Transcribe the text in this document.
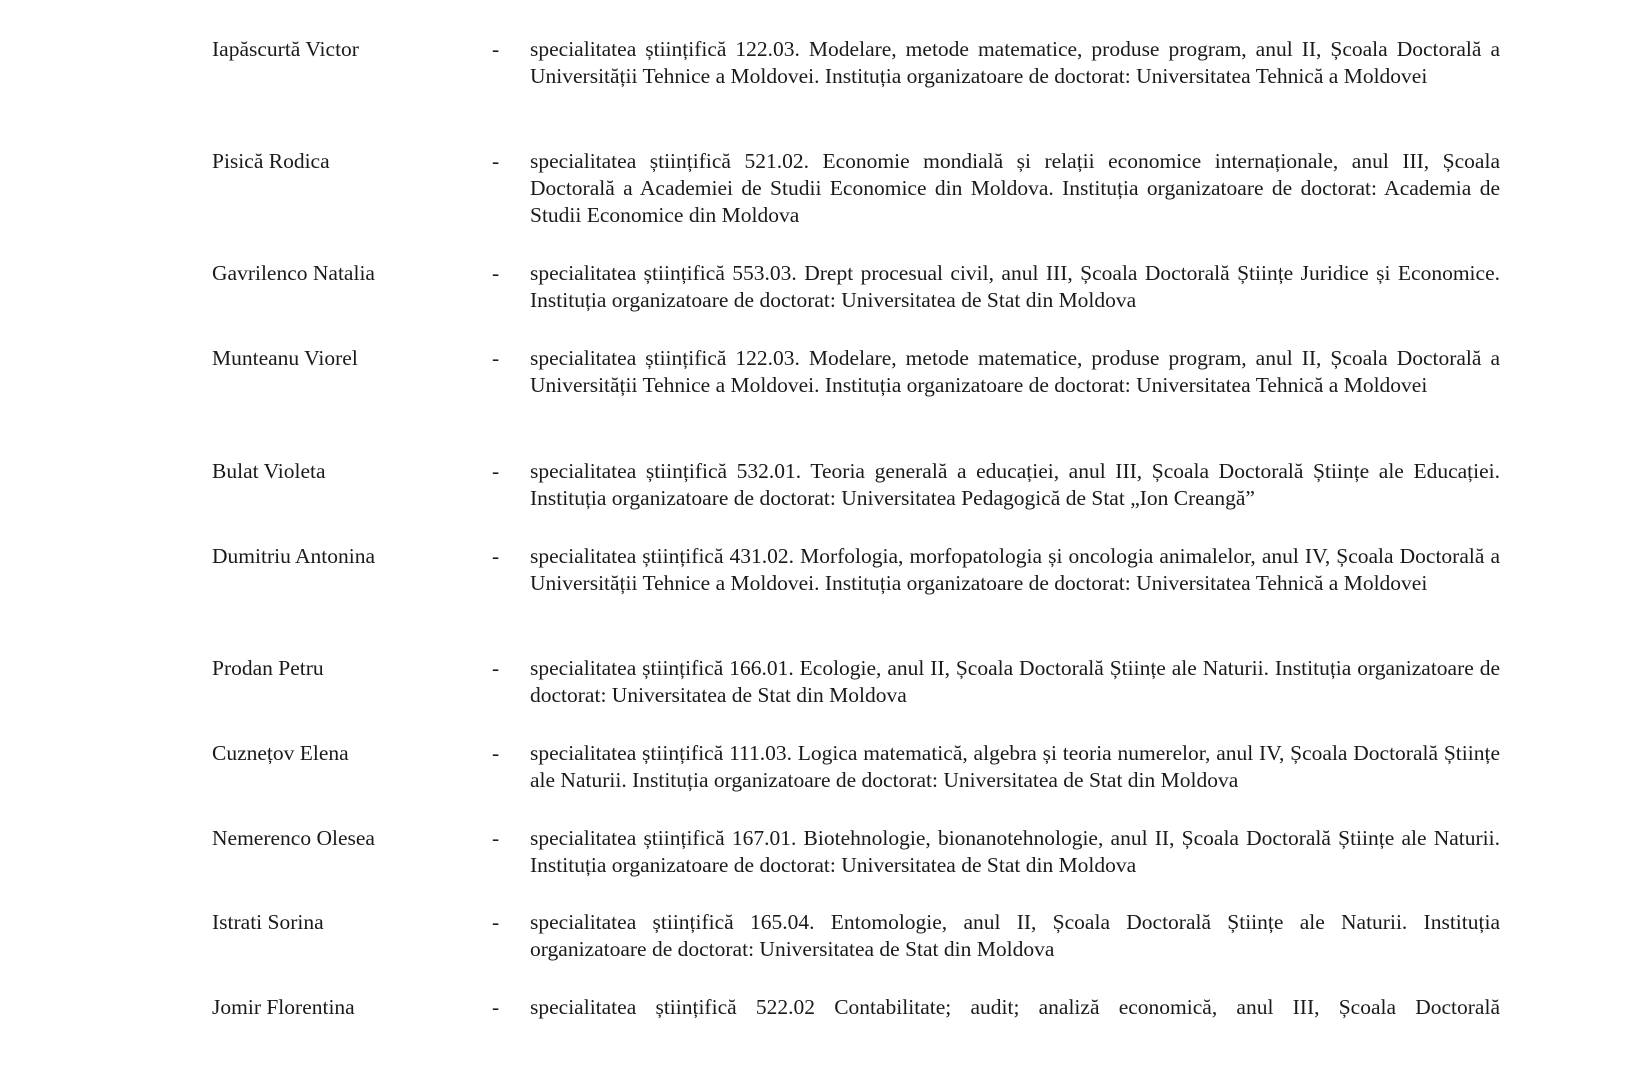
Iapăscurtă Victor	-	specialitatea științifică 122.03. Modelare, metode matematice, produse program, anul II, Școala Doctorală a Universității Tehnice a Moldovei. Instituția organizatoare de doctorat: Universitatea Tehnică a Moldovei
Pisică Rodica	-	specialitatea științifică 521.02. Economie mondială și relații economice internaționale, anul III, Școala Doctorală a Academiei de Studii Economice din Moldova. Instituția organizatoare de doctorat: Academia de Studii Economice din Moldova
Gavrilenco Natalia	-	specialitatea științifică 553.03. Drept procesual civil, anul III, Școala Doctorală Științe Juridice și Economice. Instituția organizatoare de doctorat: Universitatea de Stat din Moldova
Munteanu Viorel	-	specialitatea științifică 122.03. Modelare, metode matematice, produse program, anul II, Școala Doctorală a Universității Tehnice a Moldovei. Instituția organizatoare de doctorat: Universitatea Tehnică a Moldovei
Bulat Violeta	-	specialitatea științifică 532.01. Teoria generală a educației, anul III, Școala Doctorală Științe ale Educației. Instituția organizatoare de doctorat: Universitatea Pedagogică de Stat „Ion Creangă”
Dumitriu Antonina	-	specialitatea științifică 431.02. Morfologia, morfopatologia și oncologia animalelor, anul IV, Școala Doctorală a Universității Tehnice a Moldovei. Instituția organizatoare de doctorat: Universitatea Tehnică a Moldovei
Prodan Petru	-	specialitatea științifică 166.01. Ecologie, anul II, Școala Doctorală Științe ale Naturii. Instituția organizatoare de doctorat: Universitatea de Stat din Moldova
Cuznețov Elena	-	specialitatea științifică 111.03. Logica matematică, algebra și teoria numerelor, anul IV, Școala Doctorală Științe ale Naturii. Instituția organizatoare de doctorat: Universitatea de Stat din Moldova
Nemerenco Olesea	-	specialitatea științifică 167.01. Biotehnologie, bionanotehnologie, anul II, Școala Doctorală Științe ale Naturii. Instituția organizatoare de doctorat: Universitatea de Stat din Moldova
Istrati Sorina	-	specialitatea științifică 165.04. Entomologie, anul II, Școala Doctorală Științe ale Naturii. Instituția organizatoare de doctorat: Universitatea de Stat din Moldova
Jomir Florentina	-	specialitatea științifică 522.02 Contabilitate; audit; analiză economică, anul III, Școala Doctorală
